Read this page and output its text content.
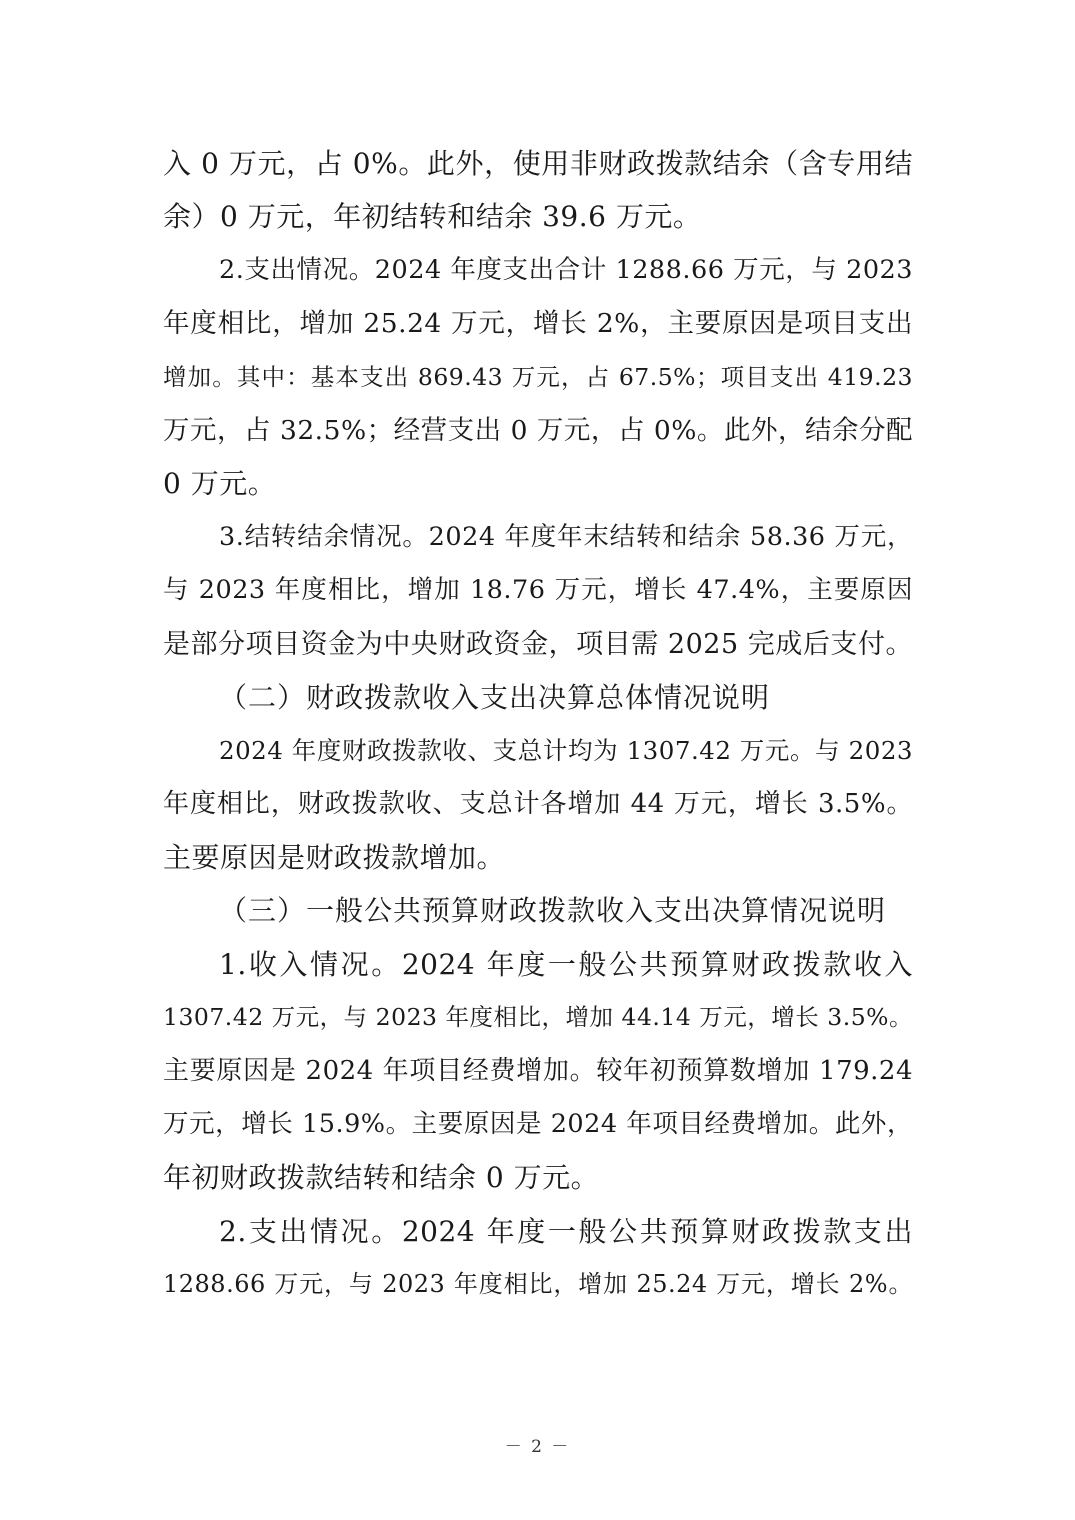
入 0 万元，占 0%。此外，使用非财政拨款结余（含专用结
余）0 万元，年初结转和结余 39.6 万元。
2.支出情况。2024 年度支出合计 1288.66 万元，与 2023
年度相比，增加 25.24 万元，增长 2%，主要原因是项目支出
增加。其中：基本支出 869.43 万元，占 67.5%；项目支出 419.23
万元，占 32.5%；经营支出 0 万元，占 0%。此外，结余分配
0 万元。
3.结转结余情况。2024 年度年末结转和结余 58.36 万元，
与 2023 年度相比，增加 18.76 万元，增长 47.4%，主要原因
是部分项目资金为中央财政资金，项目需 2025 完成后支付。
（二）财政拨款收入支出决算总体情况说明
2024 年度财政拨款收、支总计均为 1307.42 万元。与 2023
年度相比，财政拨款收、支总计各增加 44 万元，增长 3.5%。
主要原因是财政拨款增加。
（三）一般公共预算财政拨款收入支出决算情况说明
1.收入情况。2024 年度一般公共预算财政拨款收入
1307.42 万元，与 2023 年度相比，增加 44.14 万元，增长 3.5%。
主要原因是 2024 年项目经费增加。较年初预算数增加 179.24
万元，增长 15.9%。主要原因是 2024 年项目经费增加。此外，
年初财政拨款结转和结余 0 万元。
2.支出情况。2024 年度一般公共预算财政拨款支出
1288.66 万元，与 2023 年度相比，增加 25.24 万元，增长 2%。
－ 2 －
